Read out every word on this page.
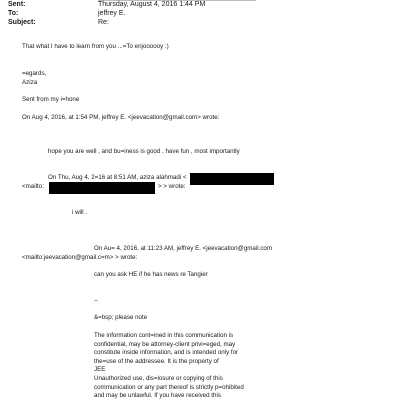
Sent:	Thursday, August 4, 2016 1:44 PM
To:	jeffrey E.
Subject:	Re:
That what I have to learn from you ...=To enjoooooy :)
=egards,
Aziza
Sent from my i=hone
On Aug 4, 2016, at 1:54 PM, jeffrey E. <jeevacation@gmail.com> wrote:
hope you are well , and bu=iness is good . have fun , most importantly
On Thu, Aug 4, 2=16 at 8:51 AM, aziza alahmadi <
<mailto:	> > wrote:
i will .
On Au= 4, 2016, at 11:23 AM, jeffrey E. <jeevacation@gmail.com
<mailto:jeevacation@gmail.c=m> > wrote:
can you ask HE if he has news re Tangier
--
&=bsp; please note
The information cont=ined in this communication is
confidential, may be attorney-client privi=eged, may
constitute inside information, and is intended only for
the=use of the addressee. It is the property of
JEE
Unauthorized use, dis=losure or copying of this
communication or any part thereof is strictly p=ohibited
and may be unlawful. If you have received this
